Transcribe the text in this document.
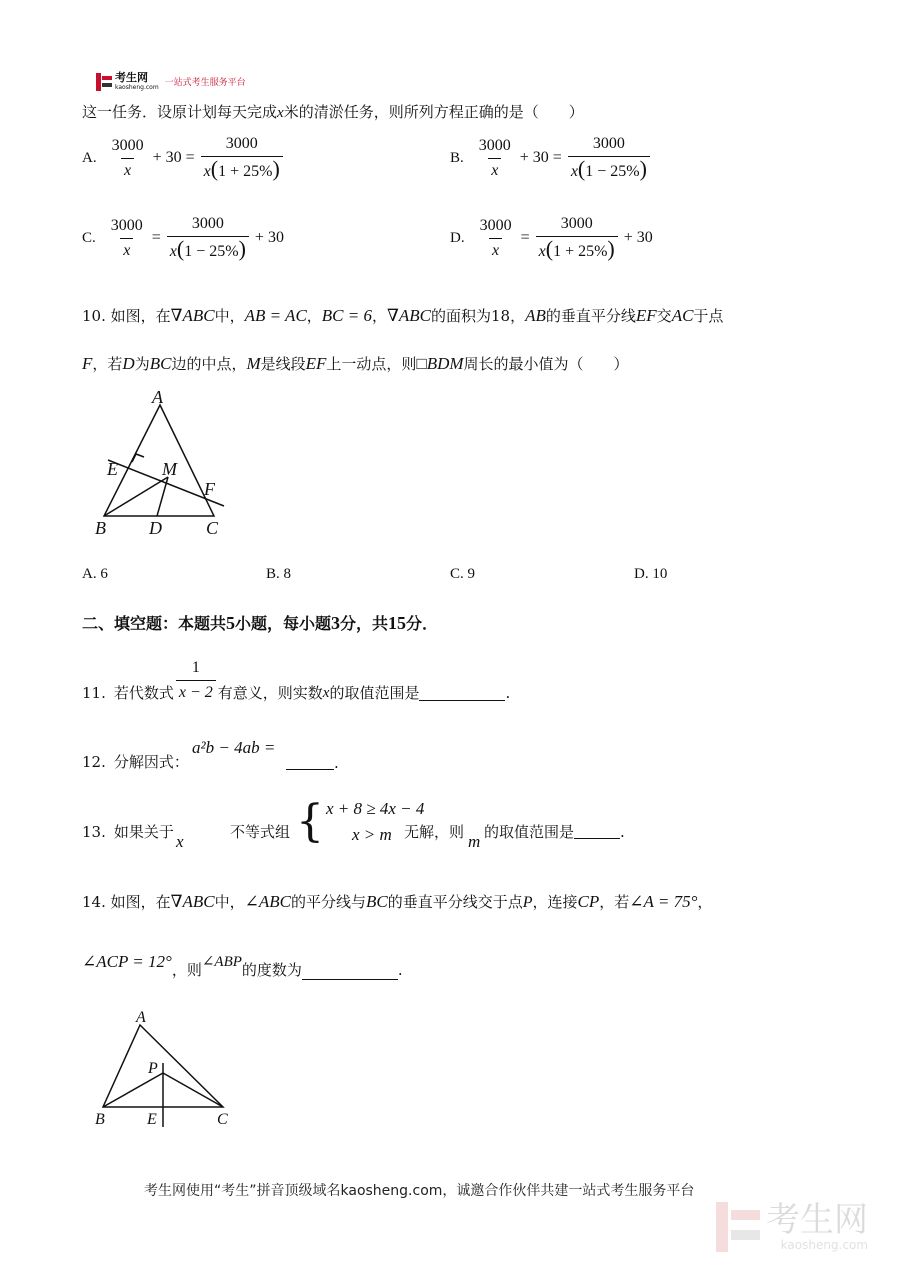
考生网
kaosheng.com 一站式考生服务平台
这一任务．设原计划每天完成x米的清淤任务，则所列方程正确的是（　　）
A. $\frac{3000}{x} + 30 = \frac{3000}{x(1 + 25\%)}$	B. $\frac{3000}{x} + 30 = \frac{3000}{x(1 - 25\%)}$
C. $\frac{3000}{x} = \frac{3000}{x(1 - 25\%)} + 30$	D. $\frac{3000}{x} = \frac{3000}{x(1 + 25\%)} + 30$
10. 如图，在∇ABC中，AB = AC，BC = 6，∇ABC的面积为18，AB的垂直平分线EF交AC于点
F，若D为BC边的中点，M是线段EF上一动点，则□BDM周长的最小值为（　　）
A
E M
F
B D C
A. 6	B. 8	C. 9	D. 10
二、填空题：本题共5小题，每小题3分，共15分．
11. 若代数式 $\frac{1}{x - 2}$ 有意义，则实数 x 的取值范围是	.
12. 分解因式：
a²b − 4ab =
.
13. 如果关于 x	不等式组 { x + 8 ≥ 4x − 4
x > m 无解，则 m 的取值范围是	.
14. 如图，在∇ABC中，∠ABC的平分线与BC的垂直平分线交于点P，连接CP，若∠A = 75°，
∠ACP = 12° ，则 ∠ABP 的度数为	.
A
P
B	E	C
考生网使用“考生”拼音顶级域名kaosheng.com，诚邀合作伙伴共建一站式考生服务平台
考生网
kaosheng.com
